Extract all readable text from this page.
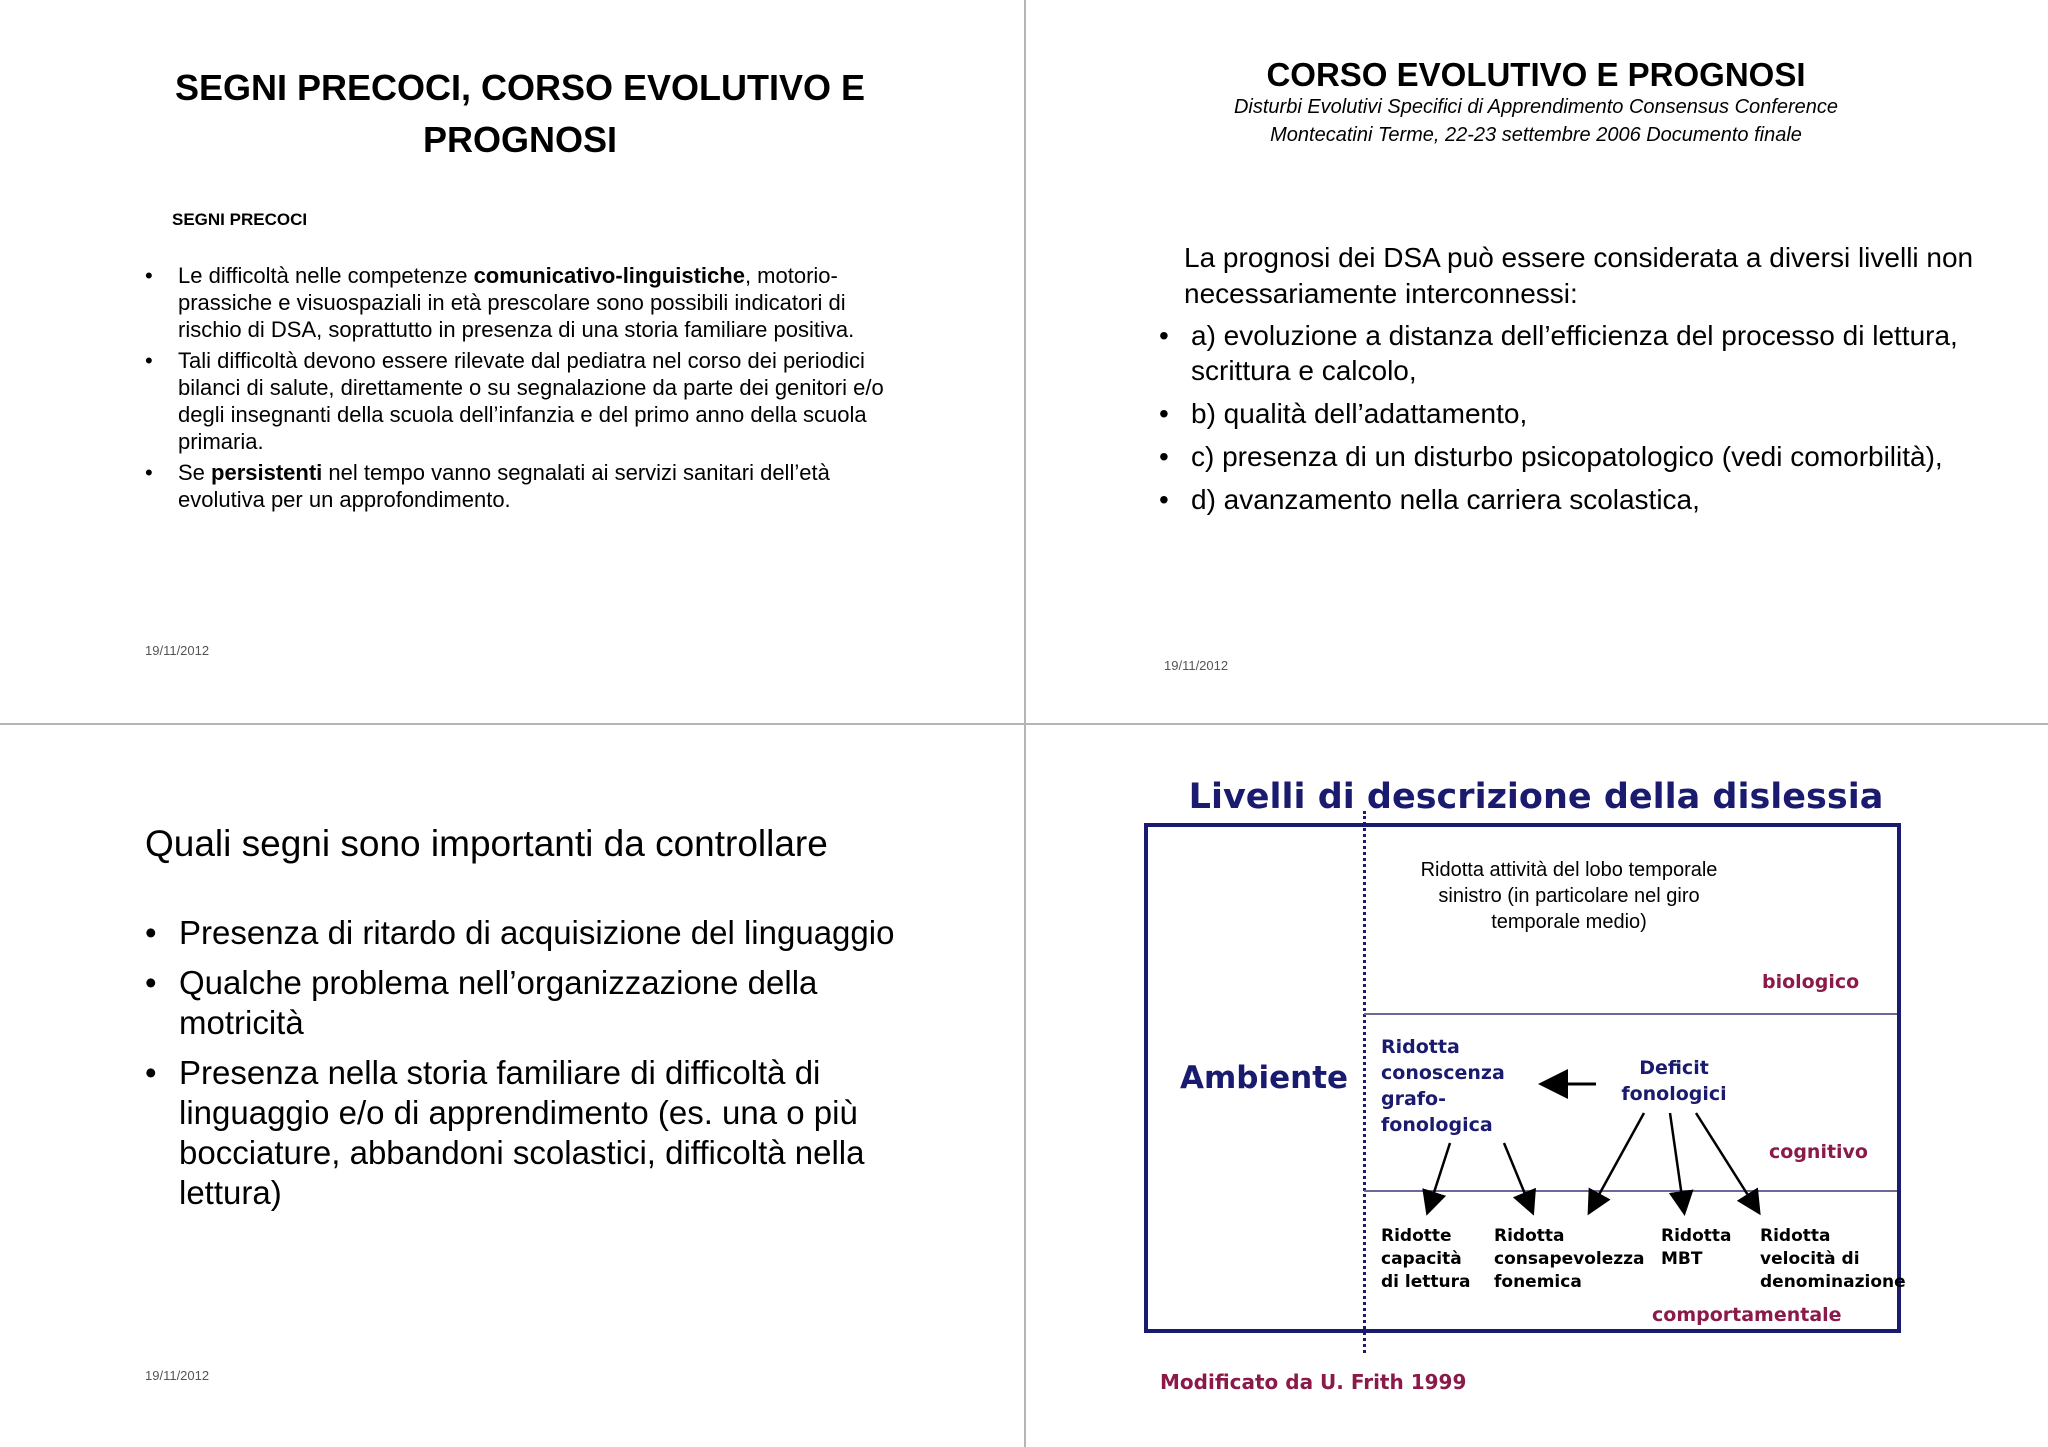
SEGNI PRECOCI, CORSO EVOLUTIVO E PROGNOSI
SEGNI PRECOCI
• Le difficoltà nelle competenze comunicativo-linguistiche, motorio-prassiche e visuospaziali in età prescolare sono possibili indicatori di rischio di DSA, soprattutto in presenza di una storia familiare positiva.
• Tali difficoltà devono essere rilevate dal pediatra nel corso dei periodici bilanci di salute, direttamente o su segnalazione da parte dei genitori e/o degli insegnanti della scuola dell’infanzia e del primo anno della scuola primaria.
• Se persistenti nel tempo vanno segnalati ai servizi sanitari dell’età evolutiva per un approfondimento.
19/11/2012
CORSO EVOLUTIVO E PROGNOSI
Disturbi Evolutivi Specifici di Apprendimento Consensus Conference
Montecatini Terme, 22-23 settembre 2006 Documento finale
La prognosi dei DSA può essere considerata a diversi livelli non necessariamente interconnessi:
• a) evoluzione a distanza dell’efficienza del processo di lettura, scrittura e calcolo,
• b) qualità dell’adattamento,
• c) presenza di un disturbo psicopatologico (vedi comorbilità),
• d) avanzamento nella carriera scolastica,
19/11/2012
Quali segni sono importanti da controllare
• Presenza di ritardo di acquisizione del linguaggio
• Qualche problema nell’organizzazione della motricità
• Presenza nella storia familiare di difficoltà di linguaggio e/o di apprendimento (es. una o più bocciature, abbandoni scolastici, difficoltà nella lettura)
19/11/2012
Livelli di descrizione della dislessia
Ambiente
Ridotta attività del lobo temporale sinistro (in particolare nel giro temporale medio)
biologico
cognitivo
comportamentale
Ridotta conoscenza grafo- fonologica
Deficit fonologici
Ridotte capacità di lettura
Ridotta consapevolezza fonemica
Ridotta MBT
Ridotta velocità di denominazione
Modificato da U. Frith 1999
